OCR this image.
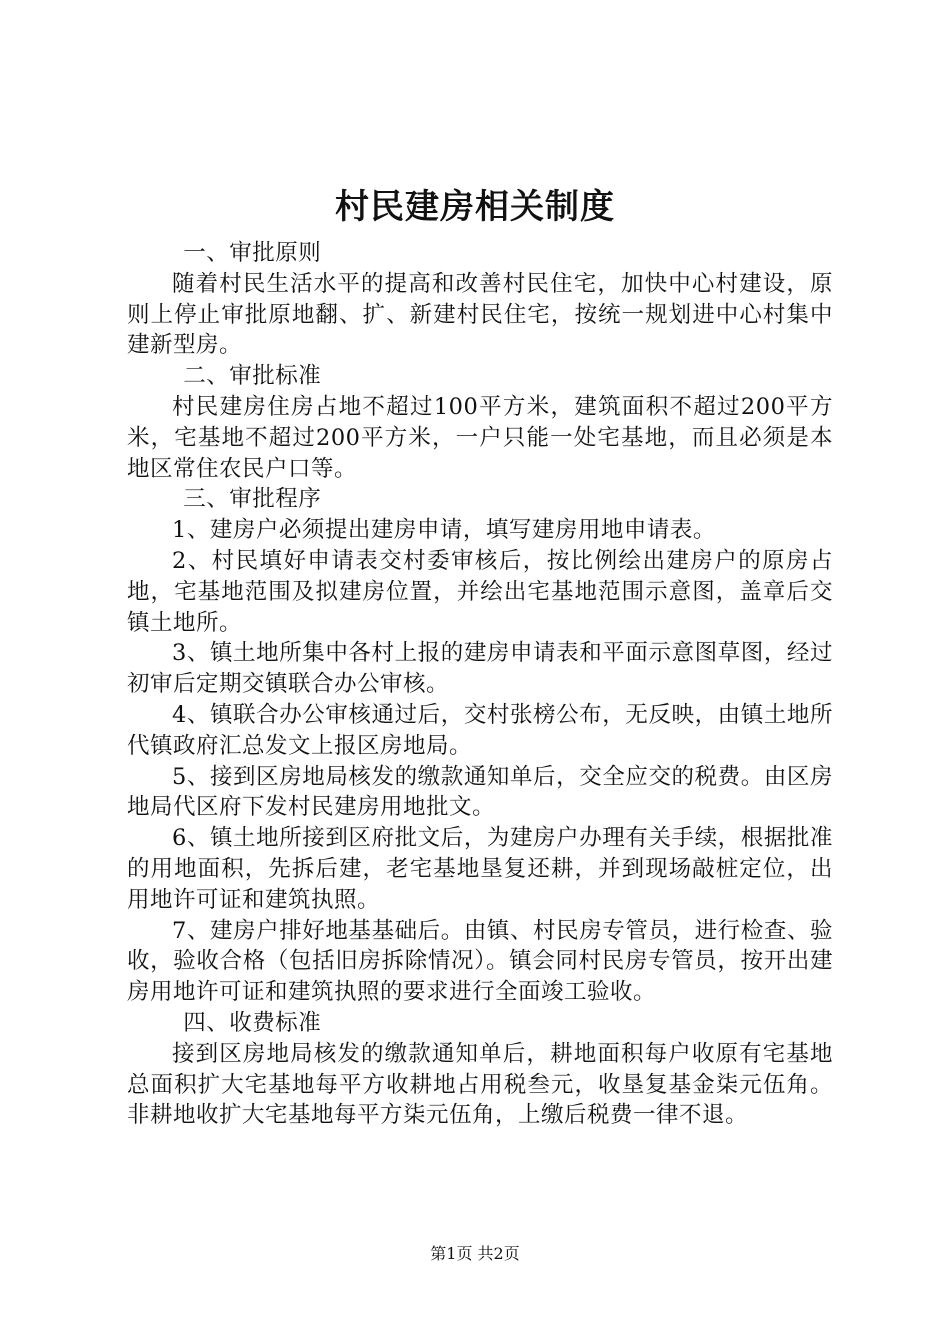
村民建房相关制度

一、审批原则

随着村民生活水平的提高和改善村民住宅，加快中心村建设，原则上停止审批原地翻、扩、新建村民住宅，按统一规划进中心村集中建新型房。

二、审批标准

村民建房住房占地不超过100平方米，建筑面积不超过200平方米，宅基地不超过200平方米，一户只能一处宅基地，而且必须是本地区常住农民户口等。

三、审批程序

1、建房户必须提出建房申请，填写建房用地申请表。

2、村民填好申请表交村委审核后，按比例绘出建房户的原房占地，宅基地范围及拟建房位置，并绘出宅基地范围示意图，盖章后交镇土地所。

3、镇土地所集中各村上报的建房申请表和平面示意图草图，经过初审后定期交镇联合办公审核。

4、镇联合办公审核通过后，交村张榜公布，无反映，由镇土地所代镇政府汇总发文上报区房地局。

5、接到区房地局核发的缴款通知单后，交全应交的税费。由区房地局代区府下发村民建房用地批文。

6、镇土地所接到区府批文后，为建房户办理有关手续，根据批准的用地面积，先拆后建，老宅基地垦复还耕，并到现场敲桩定位，出用地许可证和建筑执照。

7、建房户排好地基基础后。由镇、村民房专管员，进行检查、验收，验收合格（包括旧房拆除情况）。镇会同村民房专管员，按开出建房用地许可证和建筑执照的要求进行全面竣工验收。

四、收费标准

接到区房地局核发的缴款通知单后，耕地面积每户收原有宅基地总面积扩大宅基地每平方收耕地占用税叁元，收垦复基金柒元伍角。非耕地收扩大宅基地每平方柒元伍角，上缴后税费一律不退。

第1页 共2页
